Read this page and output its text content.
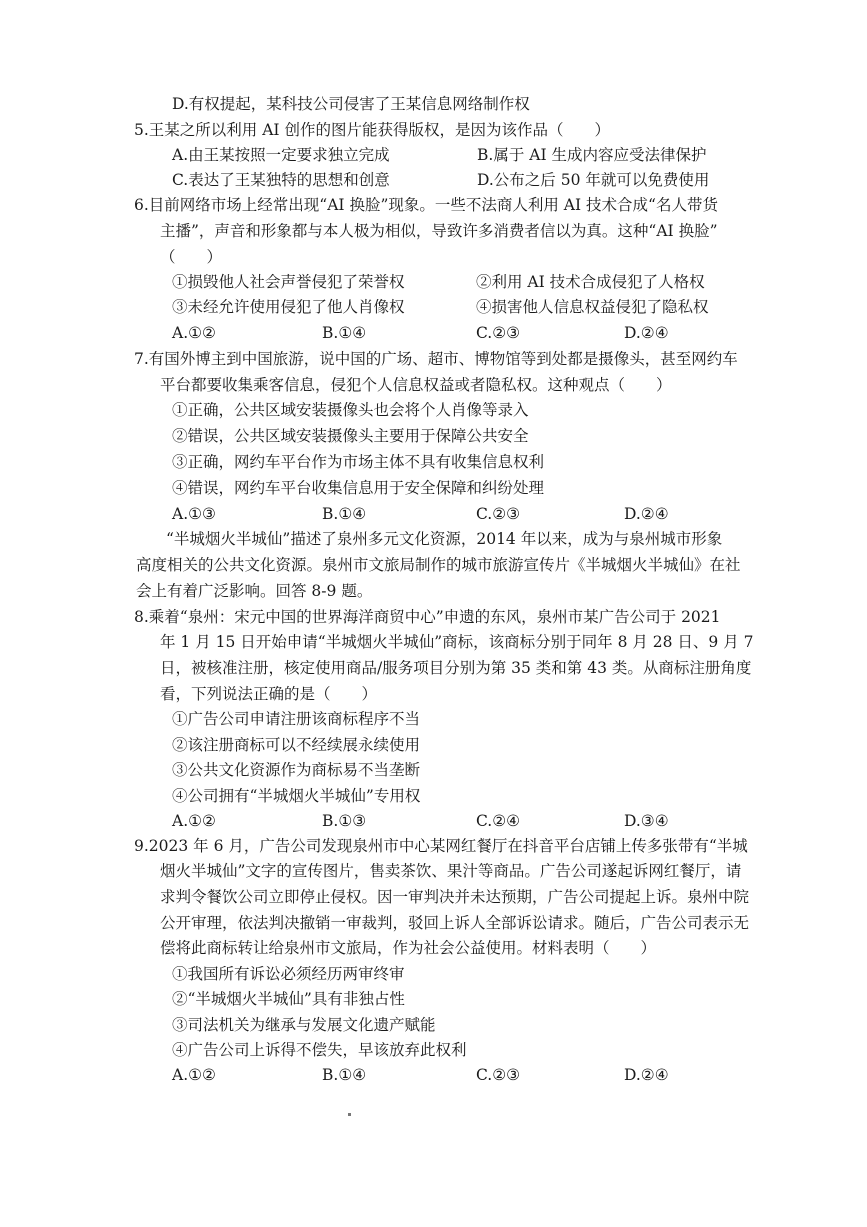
D.有权提起，某科技公司侵害了王某信息网络制作权
5.王某之所以利用 AI 创作的图片能获得版权，是因为该作品（　　）
A.由王某按照一定要求独立完成	B.属于 AI 生成内容应受法律保护
C.表达了王某独特的思想和创意	D.公布之后 50 年就可以免费使用
6.目前网络市场上经常出现“AI 换脸”现象。一些不法商人利用 AI 技术合成“名人带货
主播”，声音和形象都与本人极为相似，导致许多消费者信以为真。这种“AI 换脸”
（　　）
①损毁他人社会声誉侵犯了荣誉权	②利用 AI 技术合成侵犯了人格权
③未经允许使用侵犯了他人肖像权	④损害他人信息权益侵犯了隐私权
A.①②	B.①④	C.②③	D.②④
7.有国外博主到中国旅游，说中国的广场、超市、博物馆等到处都是摄像头，甚至网约车
平台都要收集乘客信息，侵犯个人信息权益或者隐私权。这种观点（　　）
①正确，公共区域安装摄像头也会将个人肖像等录入
②错误，公共区域安装摄像头主要用于保障公共安全
③正确，网约车平台作为市场主体不具有收集信息权利
④错误，网约车平台收集信息用于安全保障和纠纷处理
A.①③	B.①④	C.②③	D.②④
“半城烟火半城仙”描述了泉州多元文化资源，2014 年以来，成为与泉州城市形象
高度相关的公共文化资源。泉州市文旅局制作的城市旅游宣传片《半城烟火半城仙》在社
会上有着广泛影响。回答 8-9 题。
8.乘着“泉州：宋元中国的世界海洋商贸中心”申遗的东风，泉州市某广告公司于 2021
年 1 月 15 日开始申请“半城烟火半城仙”商标，该商标分别于同年 8 月 28 日、9 月 7
日，被核准注册，核定使用商品/服务项目分别为第 35 类和第 43 类。从商标注册角度
看，下列说法正确的是（　　）
①广告公司申请注册该商标程序不当
②该注册商标可以不经续展永续使用
③公共文化资源作为商标易不当垄断
④公司拥有“半城烟火半城仙”专用权
A.①②	B.①③	C.②④	D.③④
9.2023 年 6 月，广告公司发现泉州市中心某网红餐厅在抖音平台店铺上传多张带有“半城
烟火半城仙”文字的宣传图片，售卖茶饮、果汁等商品。广告公司遂起诉网红餐厅，请
求判令餐饮公司立即停止侵权。因一审判决并未达预期，广告公司提起上诉。泉州中院
公开审理，依法判决撤销一审裁判，驳回上诉人全部诉讼请求。随后，广告公司表示无
偿将此商标转让给泉州市文旅局，作为社会公益使用。材料表明（　　）
①我国所有诉讼必须经历两审终审
②“半城烟火半城仙”具有非独占性
③司法机关为继承与发展文化遗产赋能
④广告公司上诉得不偿失，早该放弃此权利
A.①②	B.①④	C.②③	D.②④
